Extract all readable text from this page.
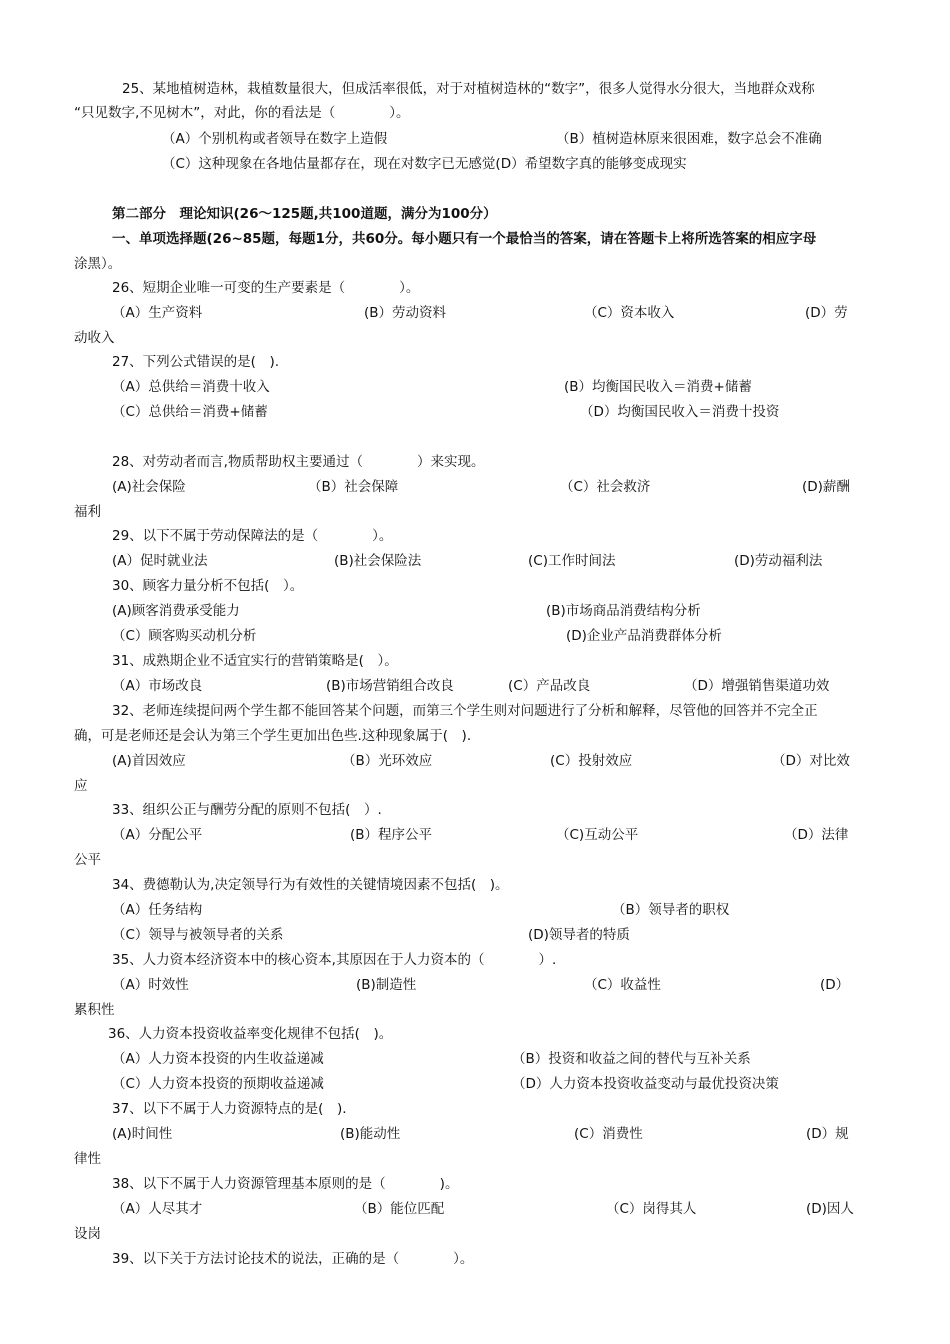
25、某地植树造林，栽植数量很大，但成活率很低，对于对植树造林的“数字”，很多人觉得水分很大，当地群众戏称
“只见数字,不见树木”，对此，你的看法是（　　　　）。
（A）个别机构或者领导在数字上造假	（B）植树造林原来很困难，数字总会不准确
（C）这种现象在各地估量都存在，现在对数字已无感觉(D）希望数字真的能够变成现实
第二部分　理论知识(26～125题,共100道题，满分为100分）
一、单项选择题(26~85题，每题1分，共60分。每小题只有一个最恰当的答案，请在答题卡上将所选答案的相应字母
涂黑）。
26、短期企业唯一可变的生产要素是（　　　　）。
（A）生产资料	(B）劳动资料	（C）资本收入	(D）劳
动收入
27、下列公式错误的是(　).
（A）总供给＝消费十收入	(B）均衡国民收入＝消费+储蓄
（C）总供给＝消费+储蓄	（D）均衡国民收入＝消费十投资
28、对劳动者而言,物质帮助权主要通过（　　　　）来实现。
(A)社会保险	（B）社会保障	（C）社会救济	(D)薪酬
福利
29、以下不属于劳动保障法的是（　　　　）。
(A）促时就业法	(B)社会保险法	(C)工作时间法	(D)劳动福利法
30、顾客力量分析不包括(　）。
(A)顾客消费承受能力	(B)市场商品消费结构分析
（C）顾客购买动机分析	(D)企业产品消费群体分析
31、成熟期企业不适宜实行的营销策略是(　）。
（A）市场改良	(B)市场营销组合改良	(C）产品改良	（D）增强销售渠道功效
32、老师连续提问两个学生都不能回答某个问题，而第三个学生则对问题进行了分析和解释，尽管他的回答并不完全正
确，可是老师还是会认为第三个学生更加出色些.这种现象属于(　).
(A)首因效应	（B）光环效应	(C）投射效应	（D）对比效
应
33、组织公正与酬劳分配的原则不包括(　）.
（A）分配公平	(B）程序公平	（C)互动公平	（D）法律
公平
34、费德勒认为,决定领导行为有效性的关键情境因素不包括(　)。
（A）任务结构	（B）领导者的职权
（C）领导与被领导者的关系	(D)领导者的特质
35、人力资本经济资本中的核心资本,其原因在于人力资本的（　　　　）.
（A）时效性	(B)制造性	（C）收益性	(D）
累积性
36、人力资本投资收益率变化规律不包括(　)。
（A）人力资本投资的内生收益递减	（B）投资和收益之间的替代与互补关系
（C）人力资本投资的预期收益递减	（D）人力资本投资收益变动与最优投资决策
37、以下不属于人力资源特点的是(　).
(A)时间性	(B)能动性	(C）消费性	(D）规
律性
38、以下不属于人力资源管理基本原则的是（　　　　)。
（A）人尽其才	（B）能位匹配	（C）岗得其人	(D)因人
设岗
39、以下关于方法讨论技术的说法，正确的是（　　　　）。
